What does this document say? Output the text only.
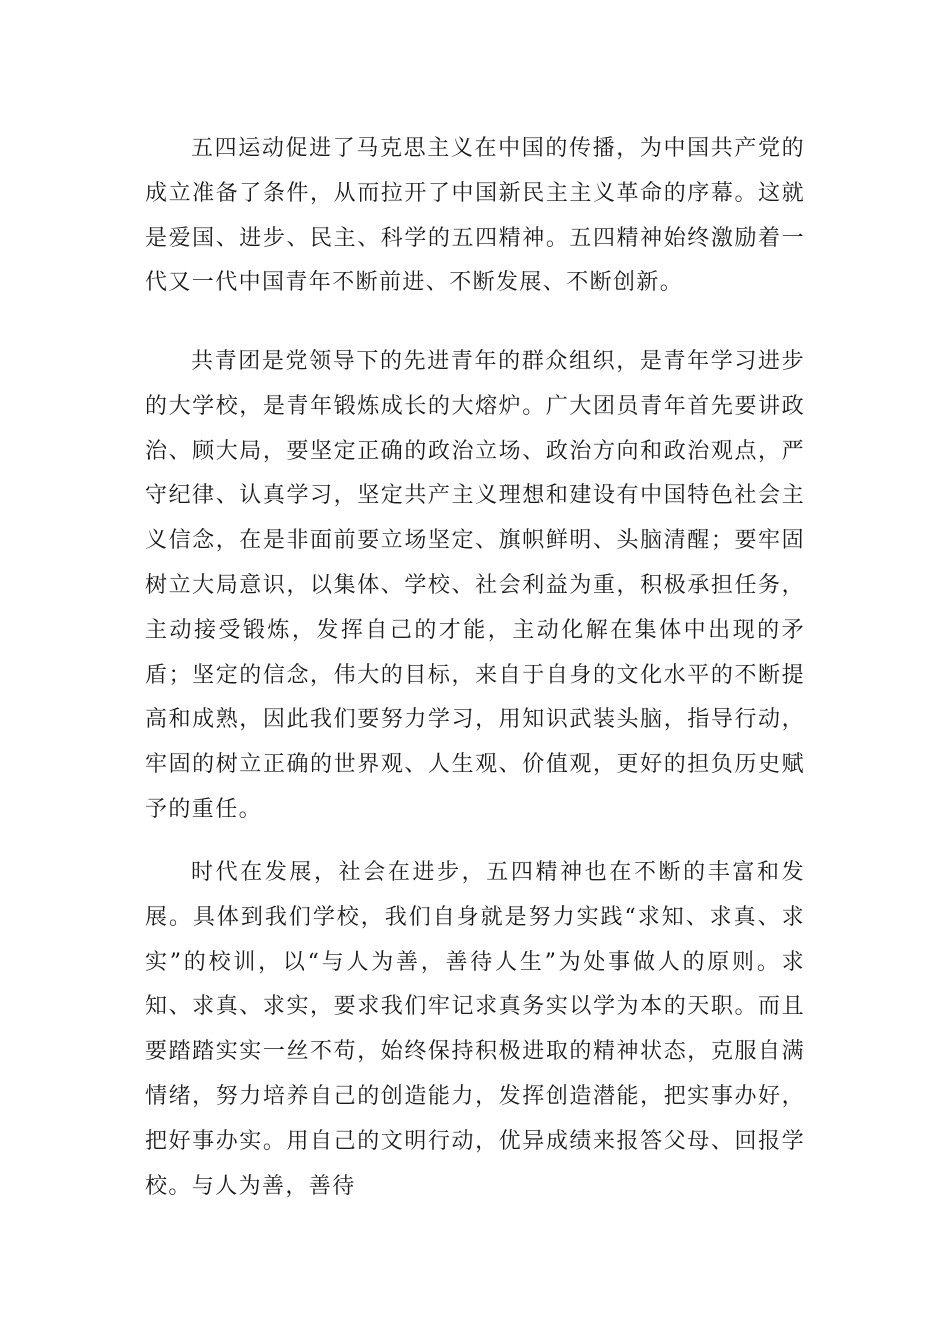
五四运动促进了马克思主义在中国的传播，为中国共产党的成立准备了条件，从而拉开了中国新民主主义革命的序幕。这就是爱国、进步、民主、科学的五四精神。五四精神始终激励着一代又一代中国青年不断前进、不断发展、不断创新。

共青团是党领导下的先进青年的群众组织，是青年学习进步的大学校，是青年锻炼成长的大熔炉。广大团员青年首先要讲政治、顾大局，要坚定正确的政治立场、政治方向和政治观点，严守纪律、认真学习，坚定共产主义理想和建设有中国特色社会主义信念，在是非面前要立场坚定、旗帜鲜明、头脑清醒；要牢固树立大局意识，以集体、学校、社会利益为重，积极承担任务，主动接受锻炼，发挥自己的才能，主动化解在集体中出现的矛盾；坚定的信念，伟大的目标，来自于自身的文化水平的不断提高和成熟，因此我们要努力学习，用知识武装头脑，指导行动，牢固的树立正确的世界观、人生观、价值观，更好的担负历史赋予的重任。

时代在发展，社会在进步，五四精神也在不断的丰富和发展。具体到我们学校，我们自身就是努力实践“求知、求真、求实”的校训，以“与人为善，善待人生”为处事做人的原则。求知、求真、求实，要求我们牢记求真务实以学为本的天职。而且要踏踏实实一丝不苟，始终保持积极进取的精神状态，克服自满情绪，努力培养自己的创造能力，发挥创造潜能，把实事办好，把好事办实。用自己的文明行动，优异成绩来报答父母、回报学校。与人为善，善待
